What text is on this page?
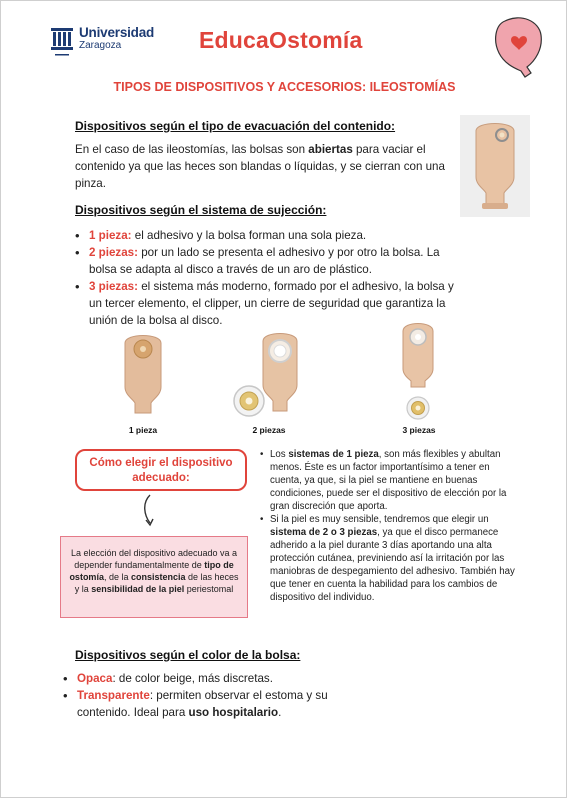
Universidad
Zaragoza	EducaOstomía
TIPOS DE DISPOSITIVOS Y ACCESORIOS: ILEOSTOMÍAS
Dispositivos según el tipo de evacuación del contenido:
En el caso de las ileostomías, las bolsas son abiertas para vaciar el contenido ya que las heces son blandas o líquidas, y se cierran con una pinza.
Dispositivos según el sistema de sujección:
• 1 pieza: el adhesivo y la bolsa forman una sola pieza.
• 2 piezas: por un lado se presenta el adhesivo y por otro la bolsa. La bolsa se adapta al disco a través de un aro de plástico.
• 3 piezas: el sistema más moderno, formado por el adhesivo, la bolsa y un tercer elemento, el clipper, un cierre de seguridad que garantiza la unión de la bolsa al disco.
1 pieza	2 piezas	3 piezas
Cómo elegir el dispositivo adecuado:
La elección del dispositivo adecuado va a depender fundamentalmente de tipo de ostomía, de la consistencia de las heces y la sensibilidad de la piel periestomal
• Los sistemas de 1 pieza, son más flexibles y abultan menos. Éste es un factor importantísimo a tener en cuenta, ya que, si la piel se mantiene en buenas condiciones, puede ser el dispositivo de elección por la gran discreción que aporta.
• Si la piel es muy sensible, tendremos que elegir un sistema de 2 o 3 piezas, ya que el disco permanece adherido a la piel durante 3 días aportando una alta protección cutánea, previniendo así la irritación por las maniobras de despegamiento del adhesivo. También hay que tener en cuenta la habilidad para los cambios de dispositivo del individuo.
Dispositivos según el color de la bolsa:
• Opaca: de color beige, más discretas.
• Transparente: permiten observar el estoma y su contenido. Ideal para uso hospitalario.
